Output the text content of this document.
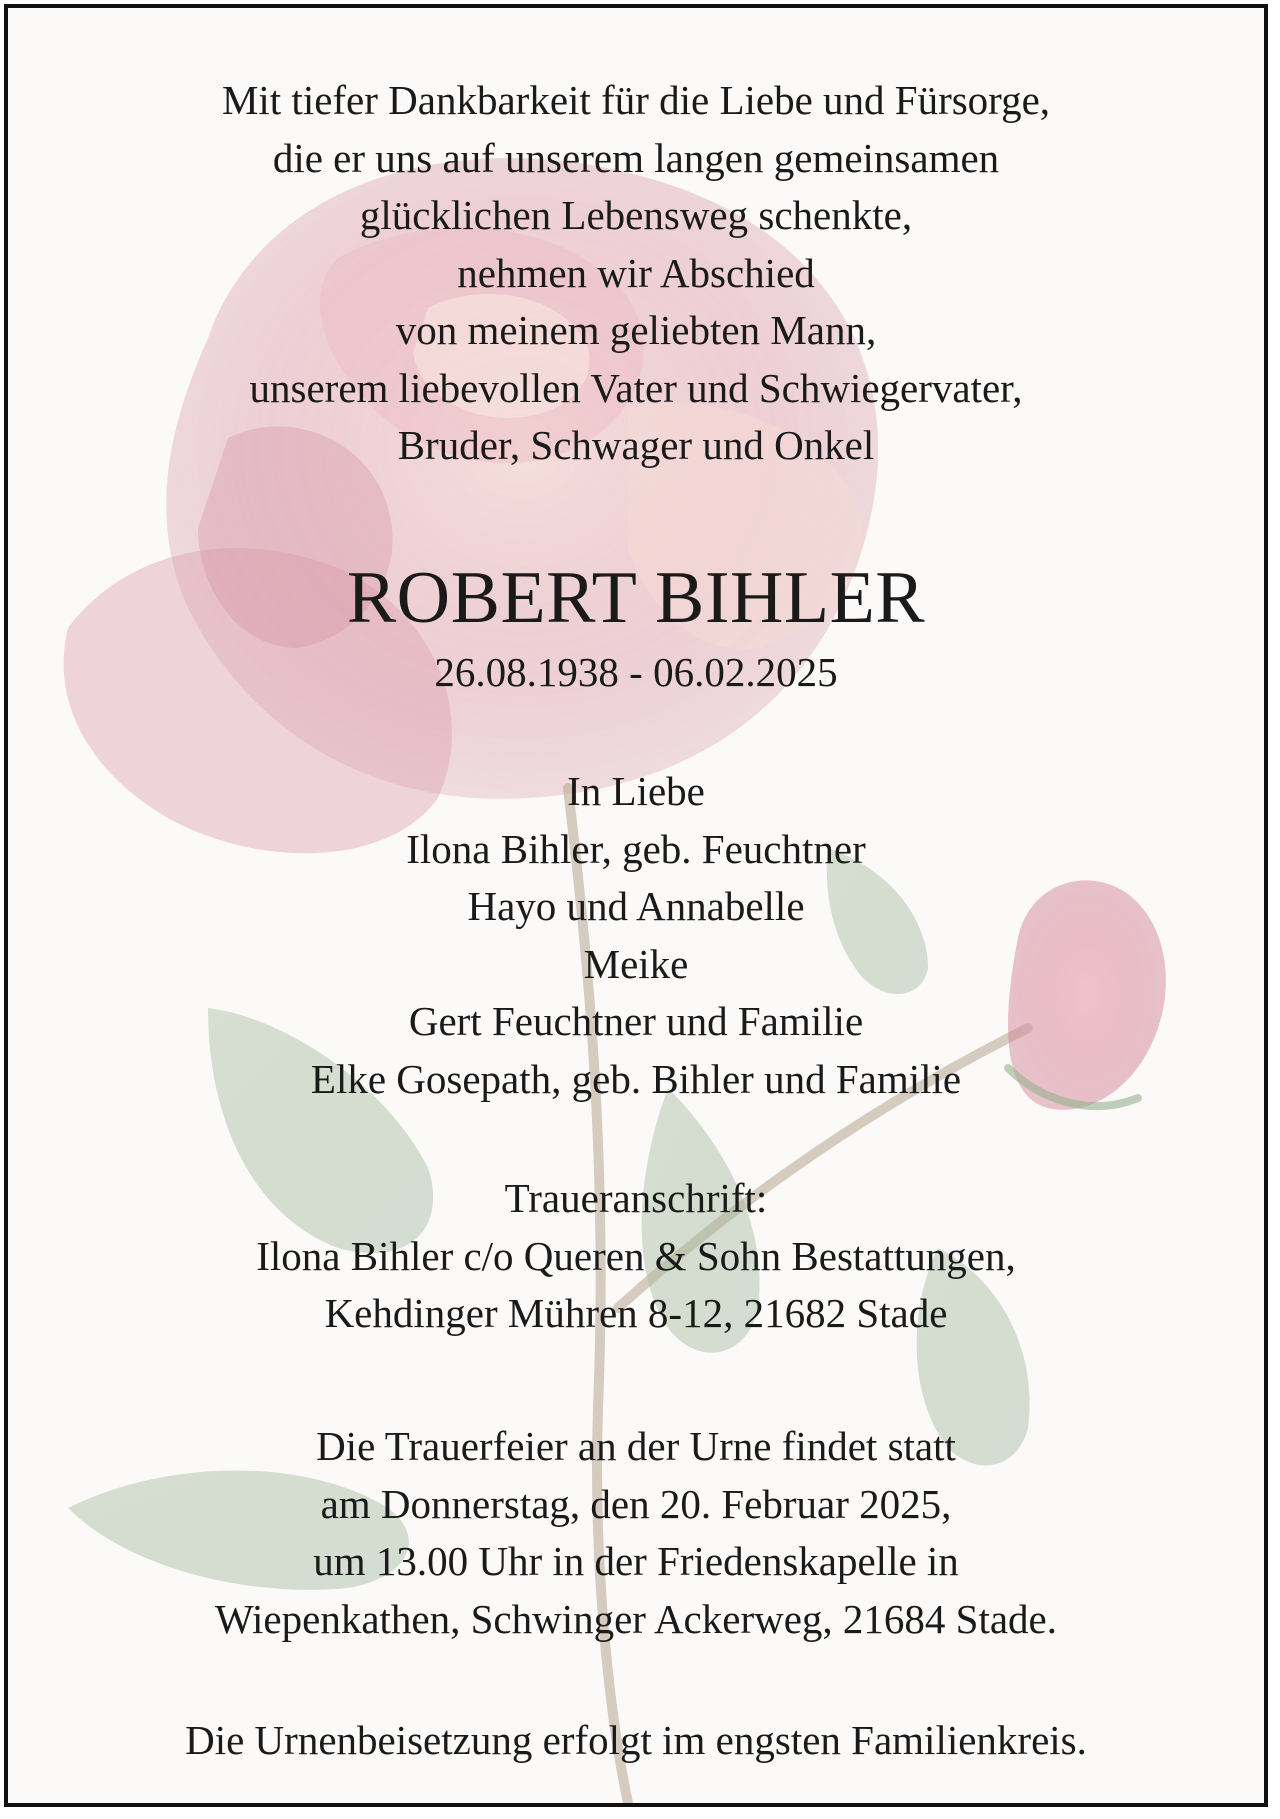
Mit tiefer Dankbarkeit für die Liebe und Fürsorge,
die er uns auf unserem langen gemeinsamen
glücklichen Lebensweg schenkte,
nehmen wir Abschied
von meinem geliebten Mann,
unserem liebevollen Vater und Schwiegervater,
Bruder, Schwager und Onkel
ROBERT BIHLER
26.08.1938 - 06.02.2025
In Liebe
Ilona Bihler, geb. Feuchtner
Hayo und Annabelle
Meike
Gert Feuchtner und Familie
Elke Gosepath, geb. Bihler und Familie
Traueranschrift:
Ilona Bihler c/o Queren & Sohn Bestattungen,
Kehdinger Mühren 8-12, 21682 Stade
Die Trauerfeier an der Urne findet statt
am Donnerstag, den 20. Februar 2025,
um 13.00 Uhr in der Friedenskapelle in
Wiepenkathen, Schwinger Ackerweg, 21684 Stade.
Die Urnenbeisetzung erfolgt im engsten Familienkreis.
